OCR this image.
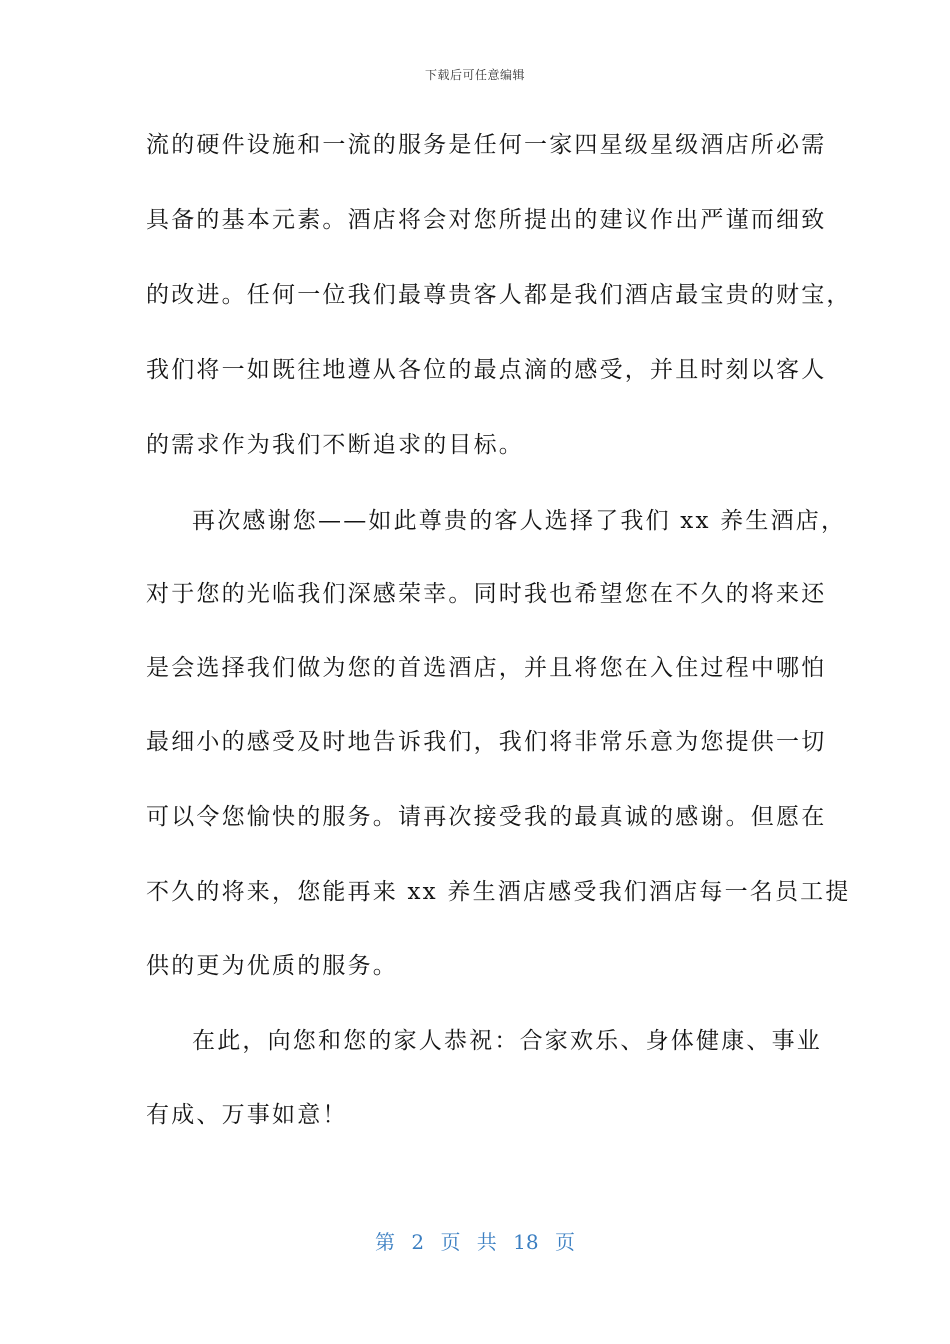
下载后可任意编辑
流的硬件设施和一流的服务是任何一家四星级星级酒店所必需
具备的基本元素。酒店将会对您所提出的建议作出严谨而细致
的改进。任何一位我们最尊贵客人都是我们酒店最宝贵的财宝，
我们将一如既往地遵从各位的最点滴的感受，并且时刻以客人
的需求作为我们不断追求的目标。
再次感谢您——如此尊贵的客人选择了我们 xx 养生酒店，
对于您的光临我们深感荣幸。同时我也希望您在不久的将来还
是会选择我们做为您的首选酒店，并且将您在入住过程中哪怕
最细小的感受及时地告诉我们，我们将非常乐意为您提供一切
可以令您愉快的服务。请再次接受我的最真诚的感谢。但愿在
不久的将来，您能再来 xx 养生酒店感受我们酒店每一名员工提
供的更为优质的服务。
在此，向您和您的家人恭祝：合家欢乐、身体健康、事业
有成、万事如意！
第 2 页 共 18 页
